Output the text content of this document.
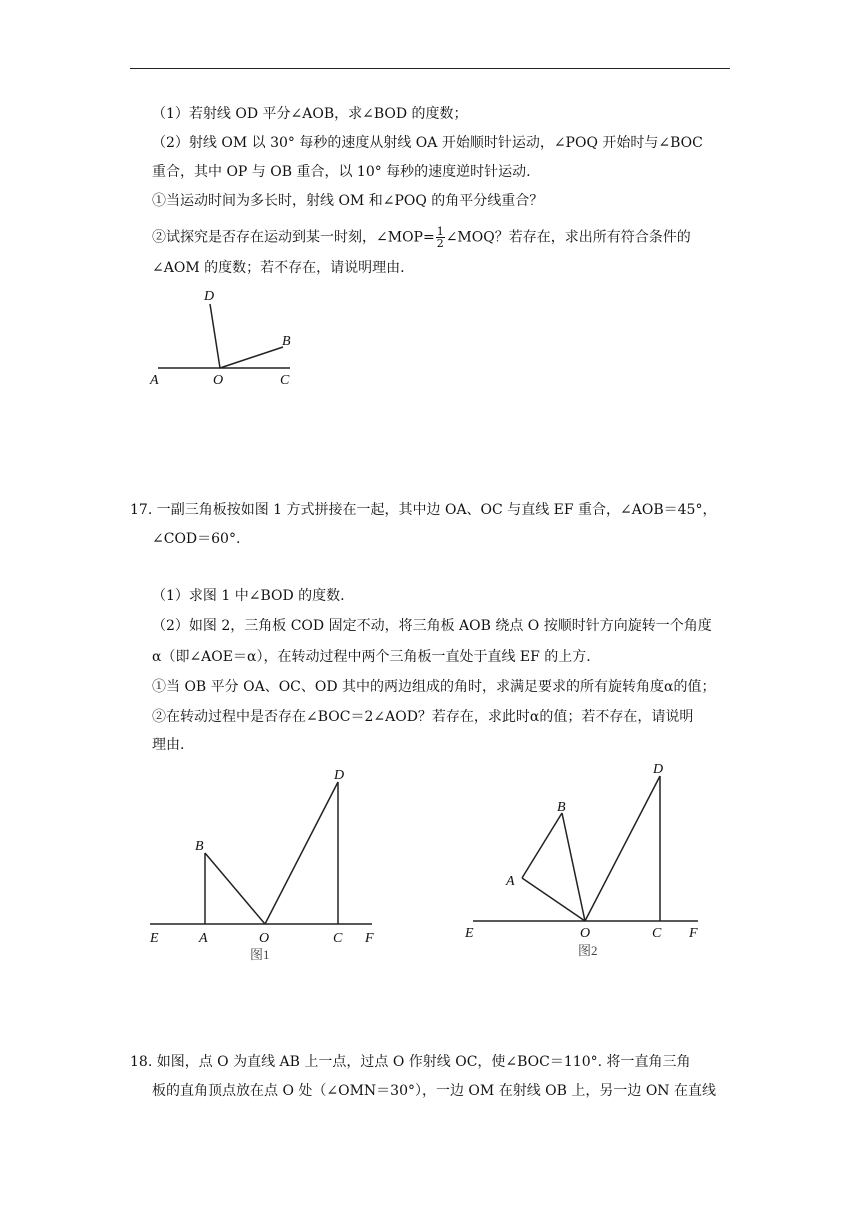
（1）若射线 OD 平分∠AOB，求∠BOD 的度数；
（2）射线 OM 以 30° 每秒的速度从射线 OA 开始顺时针运动，∠POQ 开始时与∠BOC
重合，其中 OP 与 OB 重合，以 10° 每秒的速度逆时针运动.
①当运动时间为多长时，射线 OM 和∠POQ 的角平分线重合？
②试探究是否存在运动到某一时刻，∠MOP= $\frac{1}{2}$ ∠MOQ？若存在，求出所有符合条件的
∠AOM 的度数；若不存在，请说明理由.
D
B
A	O	C
17. 一副三角板按如图 1 方式拼接在一起，其中边 OA、OC 与直线 EF 重合，∠AOB＝45°，
∠COD＝60°.
（1）求图 1 中∠BOD 的度数.
（2）如图 2，三角板 COD 固定不动，将三角板 AOB 绕点 O 按顺时针方向旋转一个角度
α（即∠AOE＝α），在转动过程中两个三角板一直处于直线 EF 的上方.
①当 OB 平分 OA、OC、OD 其中的两边组成的角时，求满足要求的所有旋转角度α的值；
②在转动过程中是否存在∠BOC＝2∠AOD？若存在，求此时α的值；若不存在，请说明
理由.
D
B
E	A	O	C F
图1
D
B
A
E	O	C F
图2
18. 如图，点 O 为直线 AB 上一点，过点 O 作射线 OC，使∠BOC＝110°. 将一直角三角
板的直角顶点放在点 O 处（∠OMN＝30°），一边 OM 在射线 OB 上，另一边 ON 在直线
